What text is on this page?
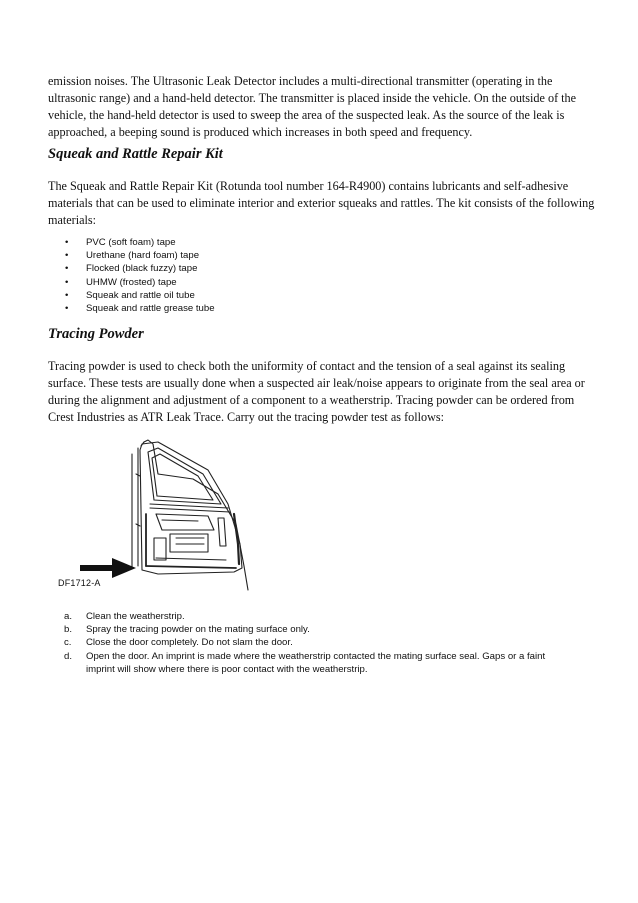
emission noises. The Ultrasonic Leak Detector includes a multi-directional transmitter (operating in the
ultrasonic range) and a hand-held detector. The transmitter is placed inside the vehicle. On the outside of the
vehicle, the hand-held detector is used to sweep the area of the suspected leak. As the source of the leak is
approached, a beeping sound is produced which increases in both speed and frequency.

Squeak and Rattle Repair Kit

The Squeak and Rattle Repair Kit (Rotunda tool number 164-R4900) contains lubricants and self-adhesive
materials that can be used to eliminate interior and exterior squeaks and rattles. The kit consists of the following
materials:

• PVC (soft foam) tape
• Urethane (hard foam) tape
• Flocked (black fuzzy) tape
• UHMW (frosted) tape
• Squeak and rattle oil tube
• Squeak and rattle grease tube
Tracing Powder

Tracing powder is used to check both the uniformity of contact and the tension of a seal against its sealing
surface. These tests are usually done when a suspected air leak/noise appears to originate from the seal area or
during the alignment and adjustment of a component to a weatherstrip. Tracing powder can be ordered from
Crest Industries as ATR Leak Trace. Carry out the tracing powder test as follows:

DF1712-A
a. Clean the weatherstrip.
b. Spray the tracing powder on the mating surface only.
c. Close the door completely. Do not slam the door.
d. Open the door. An imprint is made where the weatherstrip contacted the mating surface seal. Gaps or a faint
imprint will show where there is poor contact with the weatherstrip.
